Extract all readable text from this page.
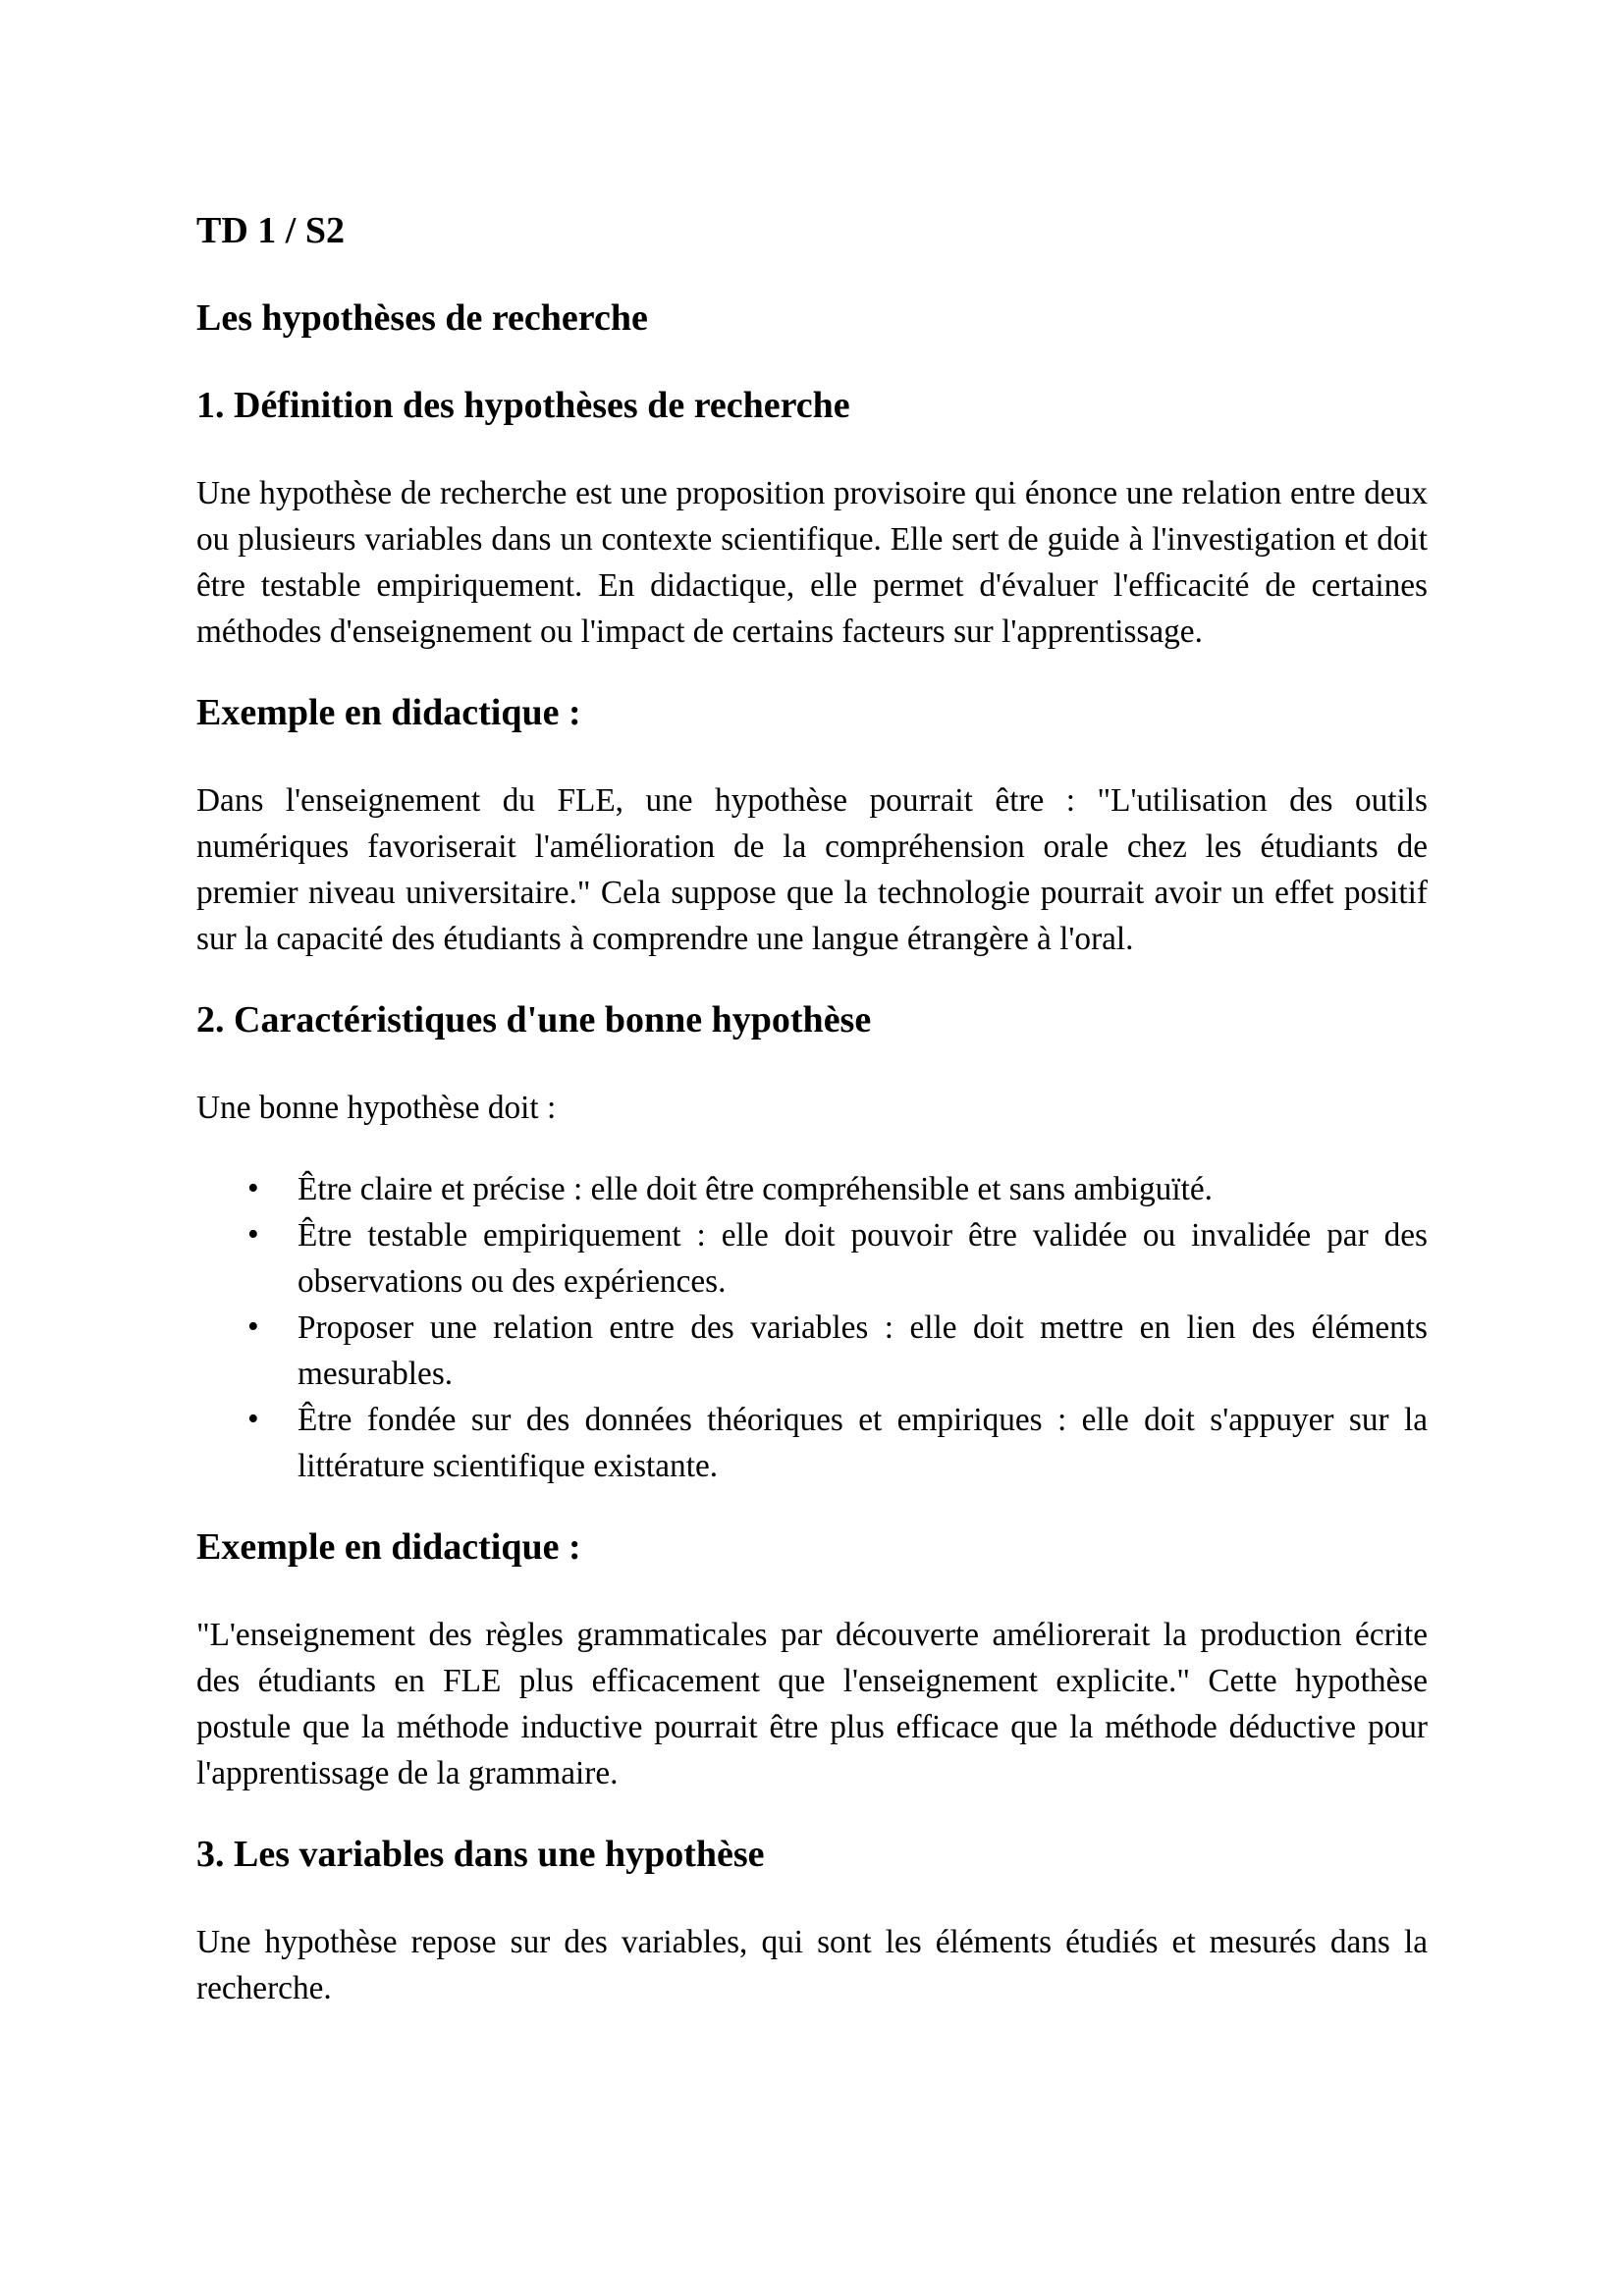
TD 1 / S2

Les hypothèses de recherche

1. Définition des hypothèses de recherche

Une hypothèse de recherche est une proposition provisoire qui énonce une relation entre deux ou plusieurs variables dans un contexte scientifique. Elle sert de guide à l'investigation et doit être testable empiriquement. En didactique, elle permet d'évaluer l'efficacité de certaines méthodes d'enseignement ou l'impact de certains facteurs sur l'apprentissage.

Exemple en didactique :

Dans l'enseignement du FLE, une hypothèse pourrait être : "L'utilisation des outils numériques favoriserait l'amélioration de la compréhension orale chez les étudiants de premier niveau universitaire." Cela suppose que la technologie pourrait avoir un effet positif sur la capacité des étudiants à comprendre une langue étrangère à l'oral.

2. Caractéristiques d'une bonne hypothèse

Une bonne hypothèse doit :

• Être claire et précise : elle doit être compréhensible et sans ambiguïté.
• Être testable empiriquement : elle doit pouvoir être validée ou invalidée par des observations ou des expériences.
• Proposer une relation entre des variables : elle doit mettre en lien des éléments mesurables.
• Être fondée sur des données théoriques et empiriques : elle doit s'appuyer sur la littérature scientifique existante.

Exemple en didactique :

"L'enseignement des règles grammaticales par découverte améliorerait la production écrite des étudiants en FLE plus efficacement que l'enseignement explicite." Cette hypothèse postule que la méthode inductive pourrait être plus efficace que la méthode déductive pour l'apprentissage de la grammaire.

3. Les variables dans une hypothèse

Une hypothèse repose sur des variables, qui sont les éléments étudiés et mesurés dans la recherche.
